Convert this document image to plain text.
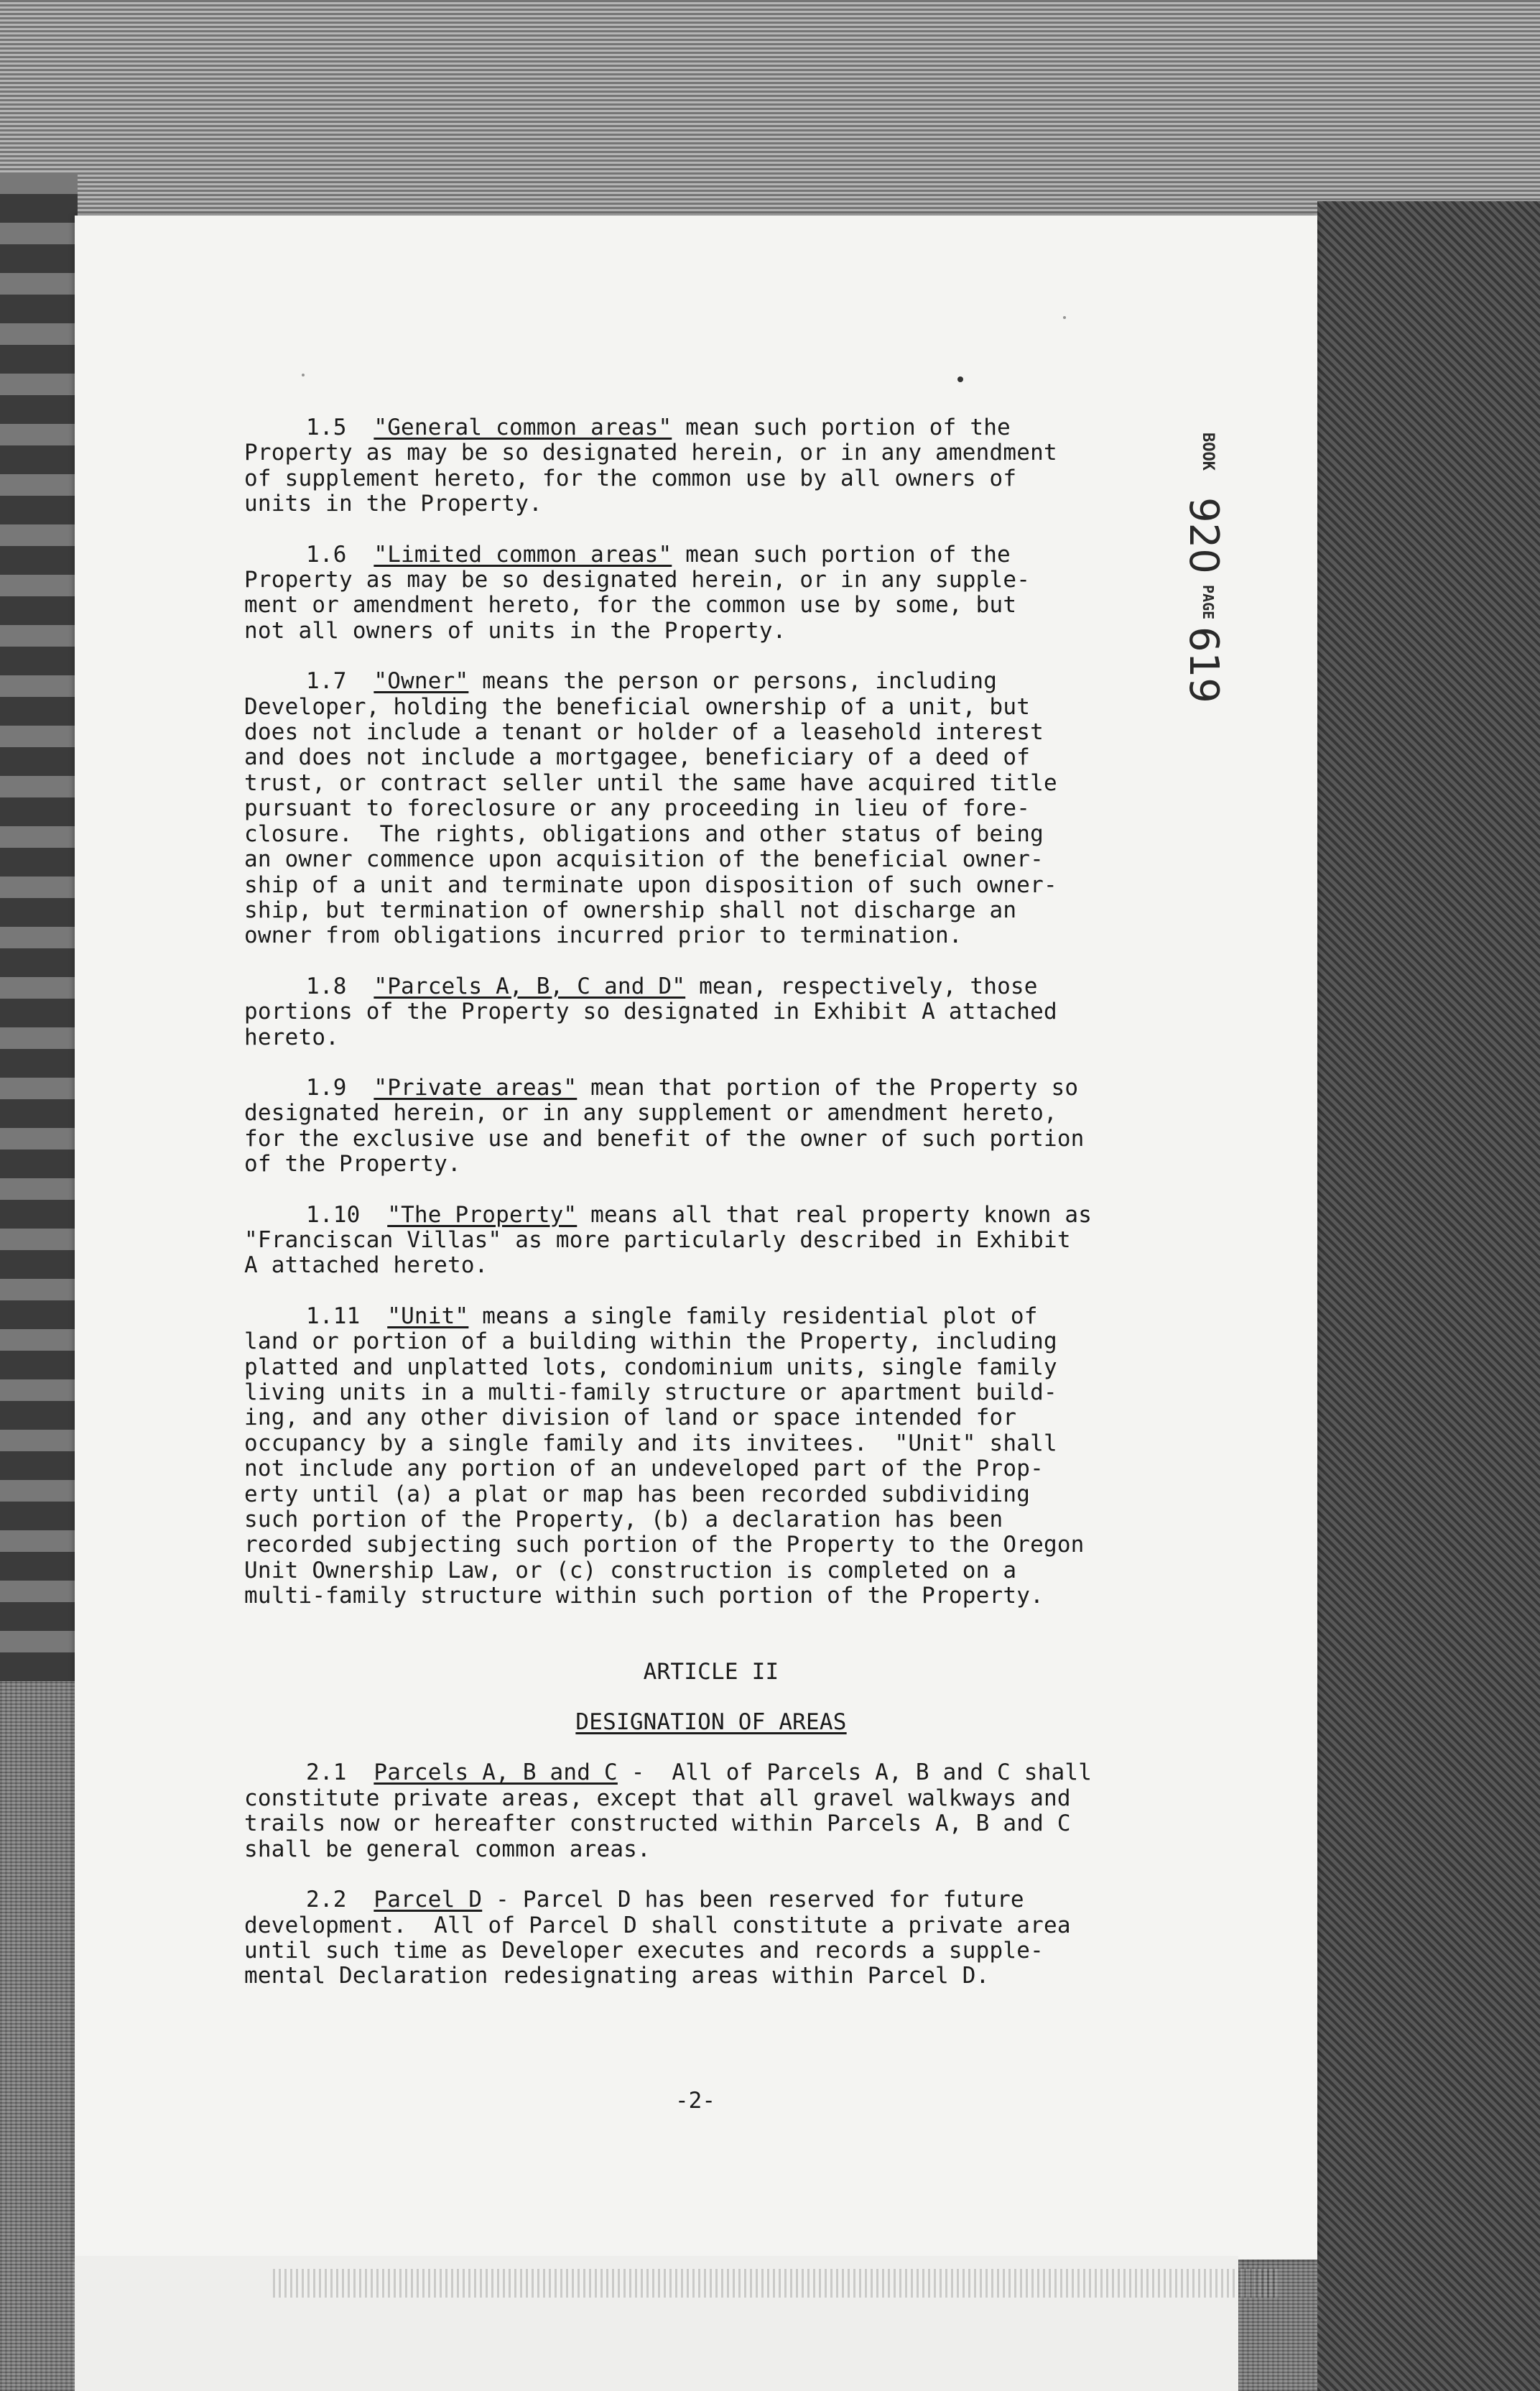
BOOK
920
PAGE
619

1.5 "General common areas" mean such portion of the

Property as may be so designated herein, or in any amendment

of supplement hereto, for the common use by all owners of

units in the Property.

1.6 "Limited common areas" mean such portion of the

Property as may be so designated herein, or in any supple-

ment or amendment hereto, for the common use by some, but

not all owners of units in the Property.

1.7 "Owner" means the person or persons, including

Developer, holding the beneficial ownership of a unit, but

does not include a tenant or holder of a leasehold interest

and does not include a mortgagee, beneficiary of a deed of

trust, or contract seller until the same have acquired title

pursuant to foreclosure or any proceeding in lieu of fore-

closure.  The rights, obligations and other status of being

an owner commence upon acquisition of the beneficial owner-

ship of a unit and terminate upon disposition of such owner-

ship, but termination of ownership shall not discharge an

owner from obligations incurred prior to termination.

1.8 "Parcels A, B, C and D" mean, respectively, those

portions of the Property so designated in Exhibit A attached

hereto.

1.9 "Private areas" mean that portion of the Property so

designated herein, or in any supplement or amendment hereto,

for the exclusive use and benefit of the owner of such portion

of the Property.

1.10 "The Property" means all that real property known as

"Franciscan Villas" as more particularly described in Exhibit

A attached hereto.

1.11 "Unit" means a single family residential plot of

land or portion of a building within the Property, including

platted and unplatted lots, condominium units, single family

living units in a multi-family structure or apartment build-

ing, and any other division of land or space intended for

occupancy by a single family and its invitees.  "Unit" shall

not include any portion of an undeveloped part of the Prop-

erty until (a) a plat or map has been recorded subdividing

such portion of the Property, (b) a declaration has been

recorded subjecting such portion of the Property to the Oregon

Unit Ownership Law, or (c) construction is completed on a

multi-family structure within such portion of the Property.

ARTICLE II

DESIGNATION OF AREAS

2.1 Parcels A, B and C -  All of Parcels A, B and C shall

constitute private areas, except that all gravel walkways and

trails now or hereafter constructed within Parcels A, B and C

shall be general common areas.

2.2 Parcel D - Parcel D has been reserved for future

development.  All of Parcel D shall constitute a private area

until such time as Developer executes and records a supple-

mental Declaration redesignating areas within Parcel D.

-2-
